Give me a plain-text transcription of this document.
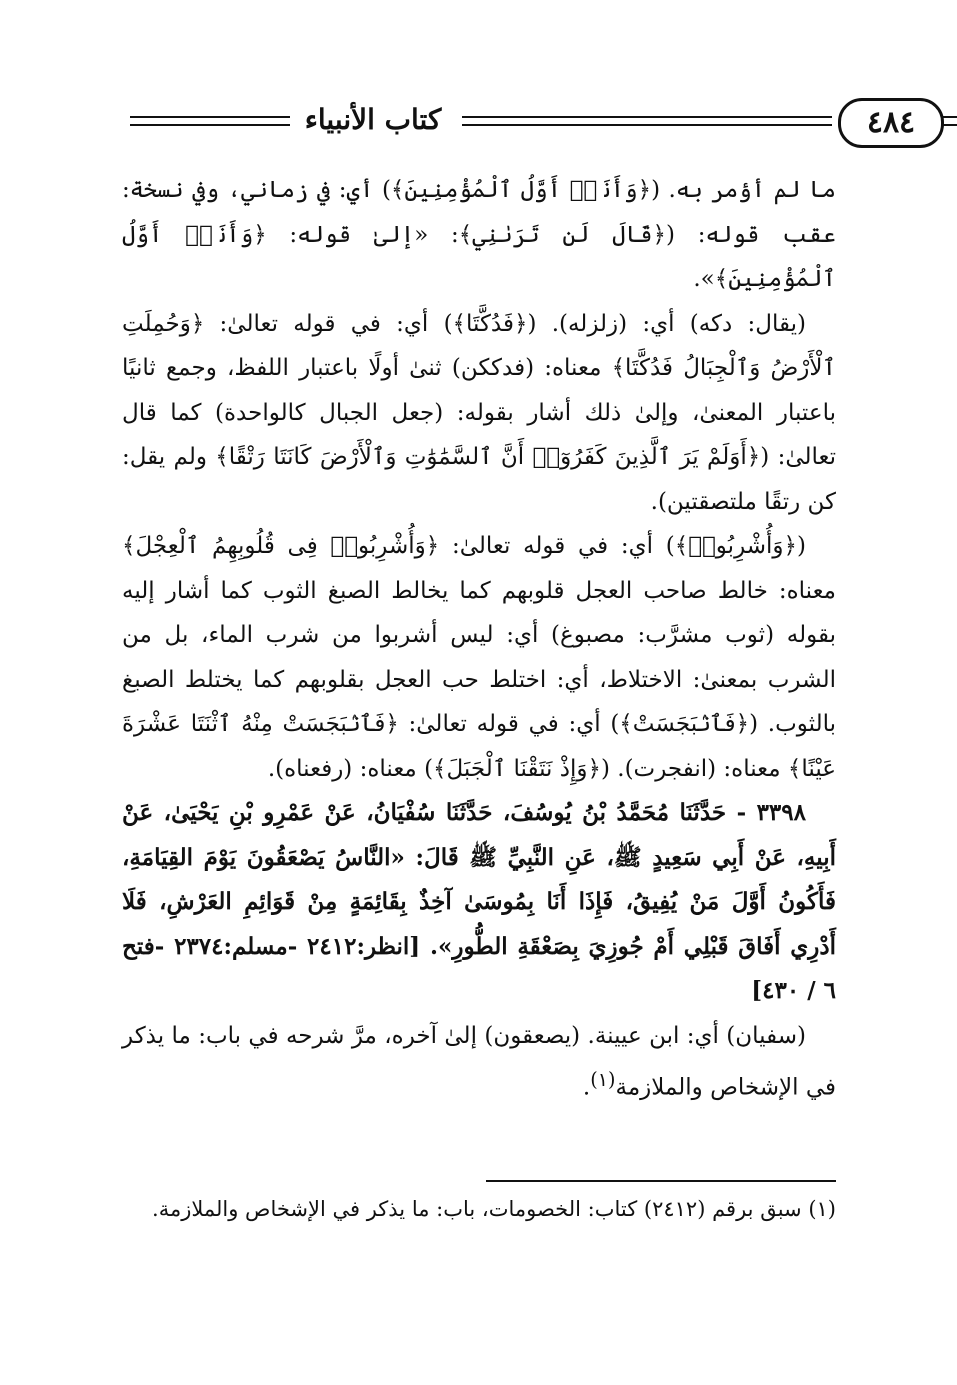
٤٨٤
كتاب الأنبياء

ما لم أؤمر به. (﴿وَأَنَا۠ أَوَّلُ ٱلْمُؤْمِنِينَ﴾) أي: في زماني، وفي نسخة: عقب قوله: (﴿قَالَ لَن تَرَىٰنِي﴾: «إلىٰ قوله: ﴿وَأَنَا۠ أَوَّلُ ٱلْمُؤْمِنِينَ﴾».

(يقال: دكه) أي: (زلزله). (﴿فَدُكَّتَا﴾) أي: في قوله تعالىٰ: ﴿وَحُمِلَتِ ٱلْأَرْضُ وَٱلْجِبَالُ فَدُكَّتَا﴾ معناه: (فدككن) ثنىٰ أولًا باعتبار اللفظ، وجمع ثانيًا باعتبار المعنىٰ، وإلىٰ ذلك أشار بقوله: (جعل الجبال كالواحدة) كما قال تعالىٰ: (﴿أَوَلَمْ يَرَ ٱلَّذِينَ كَفَرُوٓا۟ أَنَّ ٱلسَّمَٰوَٰتِ وَٱلْأَرْضَ كَانَتَا رَتْقًا﴾ ولم يقل: كن رتقًا ملتصقتين).

(﴿وَأُشْرِبُوا۟﴾) أي: في قوله تعالىٰ: ﴿وَأُشْرِبُوا۟ فِى قُلُوبِهِمُ ٱلْعِجْلَ﴾ معناه: خالط صاحب العجل قلوبهم كما يخالط الصبغ الثوب كما أشار إليه بقوله (ثوب مشرَّب: مصبوغ) أي: ليس أشربوا من شرب الماء، بل من الشرب بمعنىٰ: الاختلاط، أي: اختلط حب العجل بقلوبهم كما يختلط الصبغ بالثوب. (﴿فَٱنۢبَجَسَتْ﴾) أي: في قوله تعالىٰ: ﴿فَٱنۢبَجَسَتْ مِنْهُ ٱثْنَتَا عَشْرَةَ عَيْنًا﴾ معناه: (انفجرت). (﴿وَإِذْ نَتَقْنَا ٱلْجَبَلَ﴾) معناه: (رفعناه).

٣٣٩٨ - حَدَّثَنَا مُحَمَّدُ بْنُ يُوسُفَ، حَدَّثَنَا سُفْيَانُ، عَنْ عَمْرِو بْنِ يَحْيَىٰ، عَنْ أَبِيهِ، عَنْ أَبِي سَعِيدٍ ﷺ، عَنِ النَّبِيِّ ﷺ قَالَ: «النَّاسُ يَصْعَقُونَ يَوْمَ القِيَامَةِ، فَأَكُونُ أَوَّلَ مَنْ يُفِيقُ، فَإِذَا أَنَا بِمُوسَىٰ آخِذٌ بِقَائِمَةٍ مِنْ قَوَائِمِ العَرْشِ، فَلَا أَدْرِي أَفَاقَ قَبْلِي أَمْ جُوزِيَ بِصَعْقَةِ الطُّورِ». [انظر:٢٤١٢ -مسلم:٢٣٧٤ -فتح ٦ / ٤٣٠]

(سفيان) أي: ابن عيينة. (يصعقون) إلىٰ آخره، مرَّ شرحه في باب: ما يذكر في الإشخاص والملازمة$^{(١)}$.

(١) سبق برقم (٢٤١٢) كتاب: الخصومات، باب: ما يذكر في الإشخاص والملازمة.
